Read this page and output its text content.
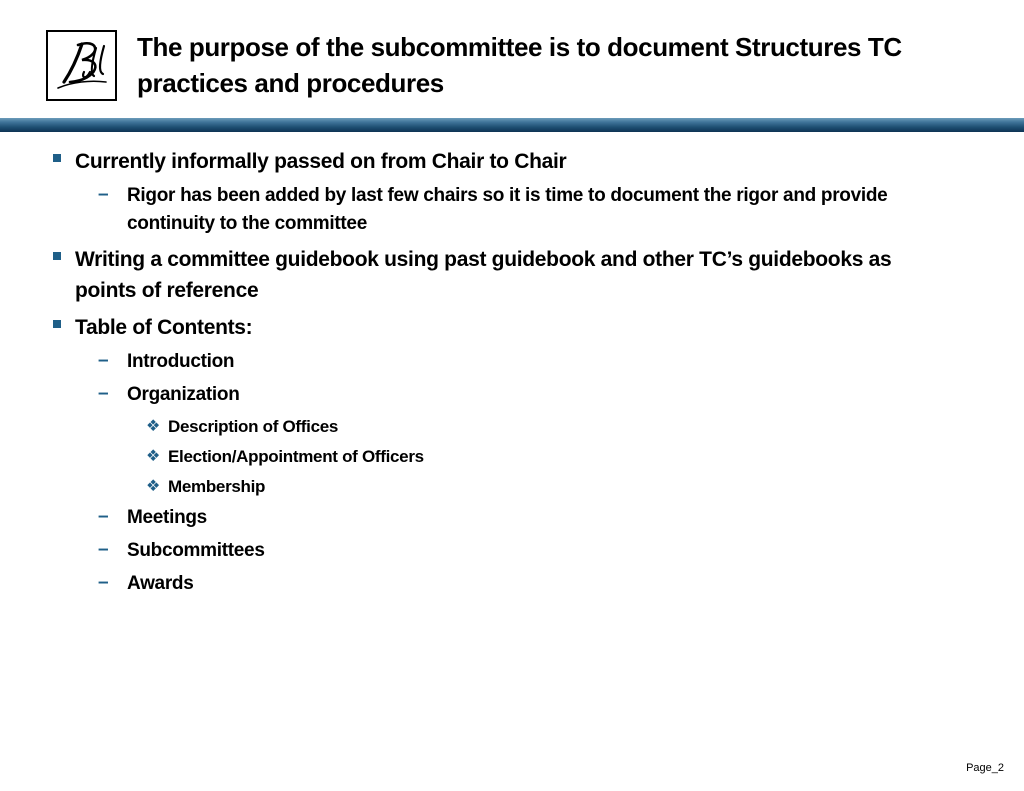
The purpose of the subcommittee is to document Structures TC practices and procedures
Currently informally passed on from Chair to Chair
– Rigor has been added by last few chairs so it is time to document the rigor and provide continuity to the committee
Writing a committee guidebook using past guidebook and other TC’s guidebooks as points of reference
Table of Contents:
– Introduction
– Organization
❖ Description of Offices
❖ Election/Appointment of Officers
❖ Membership
– Meetings
– Subcommittees
– Awards
Page_2
